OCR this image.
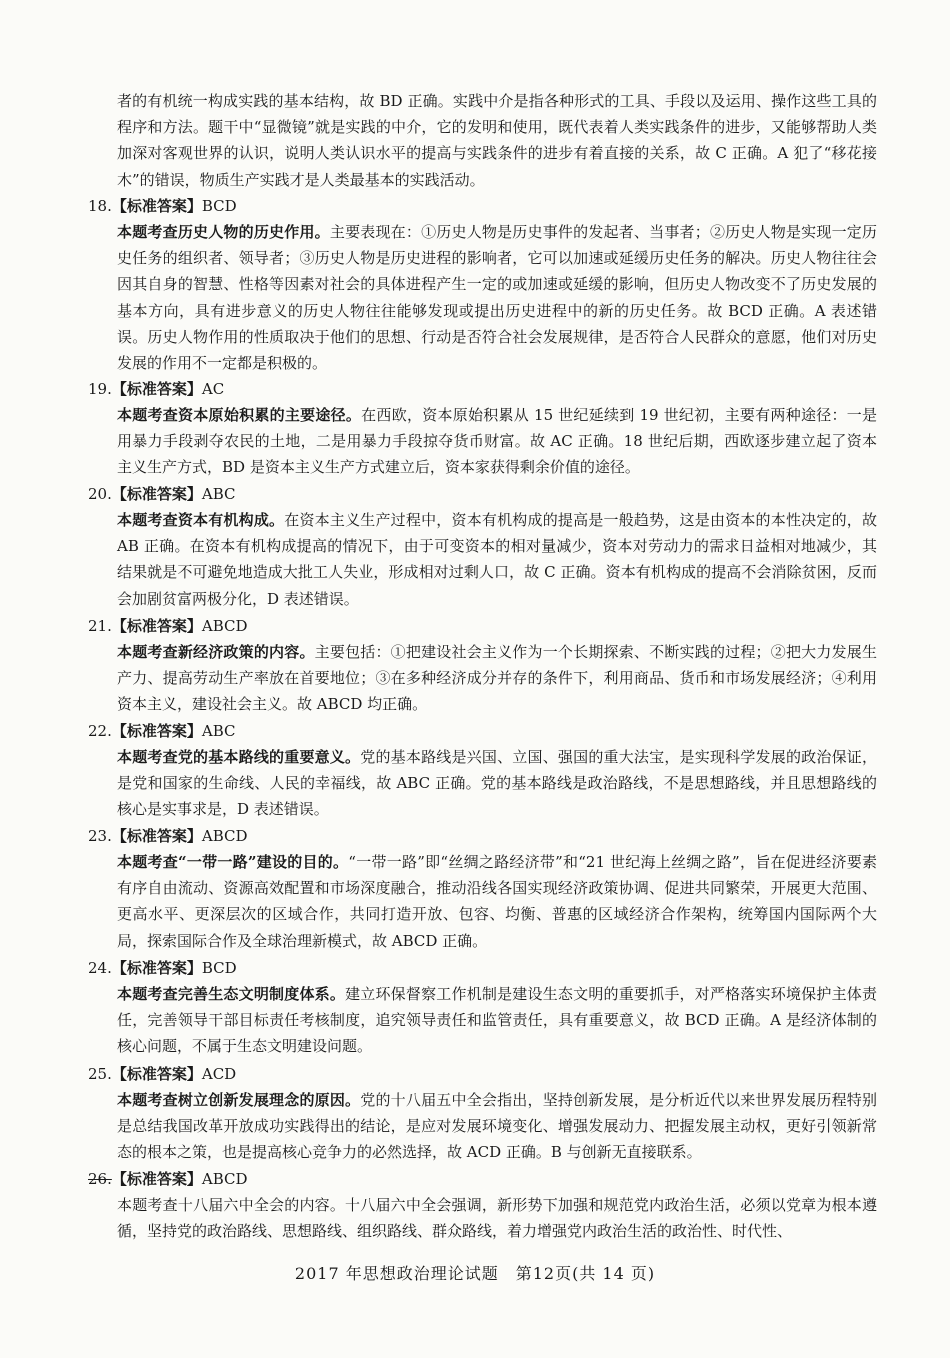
者的有机统一构成实践的基本结构，故 BD 正确。实践中介是指各种形式的工具、手段以及运用、操作这些工具的程序和方法。题干中“显微镜”就是实践的中介，它的发明和使用，既代表着人类实践条件的进步，又能够帮助人类加深对客观世界的认识，说明人类认识水平的提高与实践条件的进步有着直接的关系，故 C 正确。A 犯了“移花接木”的错误，物质生产实践才是人类最基本的实践活动。
18.【标准答案】BCD
本题考查历史人物的历史作用。主要表现在：①历史人物是历史事件的发起者、当事者；②历史人物是实现一定历史任务的组织者、领导者；③历史人物是历史进程的影响者，它可以加速或延缓历史任务的解决。历史人物往往会因其自身的智慧、性格等因素对社会的具体进程产生一定的或加速或延缓的影响，但历史人物改变不了历史发展的基本方向，具有进步意义的历史人物往往能够发现或提出历史进程中的新的历史任务。故 BCD 正确。A 表述错误。历史人物作用的性质取决于他们的思想、行动是否符合社会发展规律，是否符合人民群众的意愿，他们对历史发展的作用不一定都是积极的。
19.【标准答案】AC
本题考查资本原始积累的主要途径。在西欧，资本原始积累从 15 世纪延续到 19 世纪初，主要有两种途径：一是用暴力手段剥夺农民的土地，二是用暴力手段掠夺货币财富。故 AC 正确。18 世纪后期，西欧逐步建立起了资本主义生产方式，BD 是资本主义生产方式建立后，资本家获得剩余价值的途径。
20.【标准答案】ABC
本题考查资本有机构成。在资本主义生产过程中，资本有机构成的提高是一般趋势，这是由资本的本性决定的，故 AB 正确。在资本有机构成提高的情况下，由于可变资本的相对量减少，资本对劳动力的需求日益相对地减少，其结果就是不可避免地造成大批工人失业，形成相对过剩人口，故 C 正确。资本有机构成的提高不会消除贫困，反而会加剧贫富两极分化，D 表述错误。
21.【标准答案】ABCD
本题考查新经济政策的内容。主要包括：①把建设社会主义作为一个长期探索、不断实践的过程；②把大力发展生产力、提高劳动生产率放在首要地位；③在多种经济成分并存的条件下，利用商品、货币和市场发展经济；④利用资本主义，建设社会主义。故 ABCD 均正确。
22.【标准答案】ABC
本题考查党的基本路线的重要意义。党的基本路线是兴国、立国、强国的重大法宝，是实现科学发展的政治保证，是党和国家的生命线、人民的幸福线，故 ABC 正确。党的基本路线是政治路线，不是思想路线，并且思想路线的核心是实事求是，D 表述错误。
23.【标准答案】ABCD
本题考查“一带一路”建设的目的。“一带一路”即“丝绸之路经济带”和“21 世纪海上丝绸之路”，旨在促进经济要素有序自由流动、资源高效配置和市场深度融合，推动沿线各国实现经济政策协调、促进共同繁荣，开展更大范围、更高水平、更深层次的区域合作，共同打造开放、包容、均衡、普惠的区域经济合作架构，统筹国内国际两个大局，探索国际合作及全球治理新模式，故 ABCD 正确。
24.【标准答案】BCD
本题考查完善生态文明制度体系。建立环保督察工作机制是建设生态文明的重要抓手，对严格落实环境保护主体责任，完善领导干部目标责任考核制度，追究领导责任和监管责任，具有重要意义，故 BCD 正确。A 是经济体制的核心问题，不属于生态文明建设问题。
25.【标准答案】ACD
本题考查树立创新发展理念的原因。党的十八届五中全会指出，坚持创新发展，是分析近代以来世界发展历程特别是总结我国改革开放成功实践得出的结论，是应对发展环境变化、增强发展动力、把握发展主动权，更好引领新常态的根本之策，也是提高核心竞争力的必然选择，故 ACD 正确。B 与创新无直接联系。
26.【标准答案】ABCD
本题考查十八届六中全会的内容。十八届六中全会强调，新形势下加强和规范党内政治生活，必须以党章为根本遵循，坚持党的政治路线、思想路线、组织路线、群众路线，着力增强党内政治生活的政治性、时代性、
2017 年思想政治理论试题　第12页(共 14 页)
